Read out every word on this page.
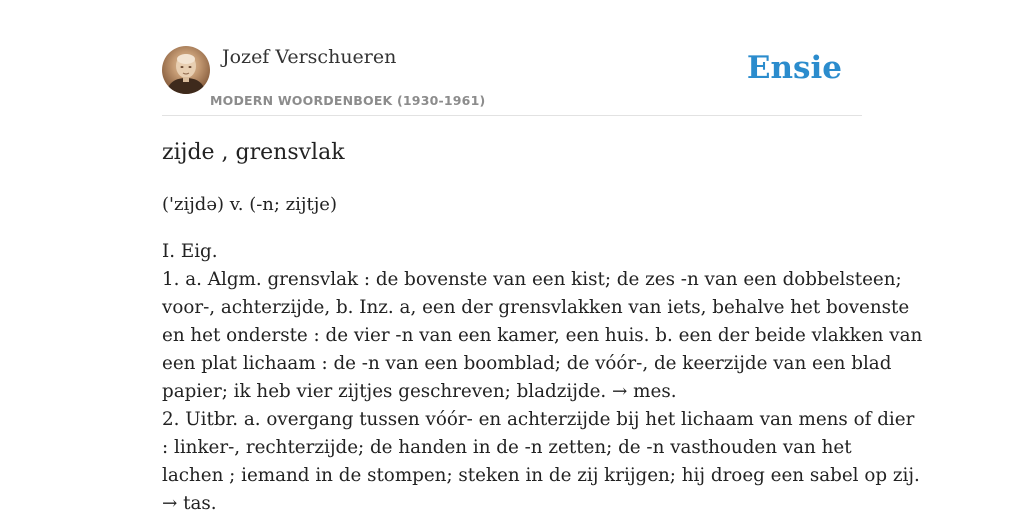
Jozef Verschueren
MODERN WOORDENBOEK (1930-1961)
Ensie
zijde , grensvlak
('zijdə) v. (-n; zijtje)
I. Eig.
1. a. Algm. grensvlak : de bovenste van een kist; de zes -n van een dobbelsteen;
voor-, achterzijde, b. Inz. a, een der grensvlakken van iets, behalve het bovenste
en het onderste : de vier -n van een kamer, een huis. b. een der beide vlakken van
een plat lichaam : de -n van een boomblad; de vóór-, de keerzijde van een blad
papier; ik heb vier zijtjes geschreven; bladzijde. → mes.
2. Uitbr. a. overgang tussen vóór- en achterzijde bij het lichaam van mens of dier
: linker-, rechterzijde; de handen in de -n zetten; de -n vasthouden van het
lachen ; iemand in de stompen; steken in de zij krijgen; hij droeg een sabel op zij.
→ tas.
